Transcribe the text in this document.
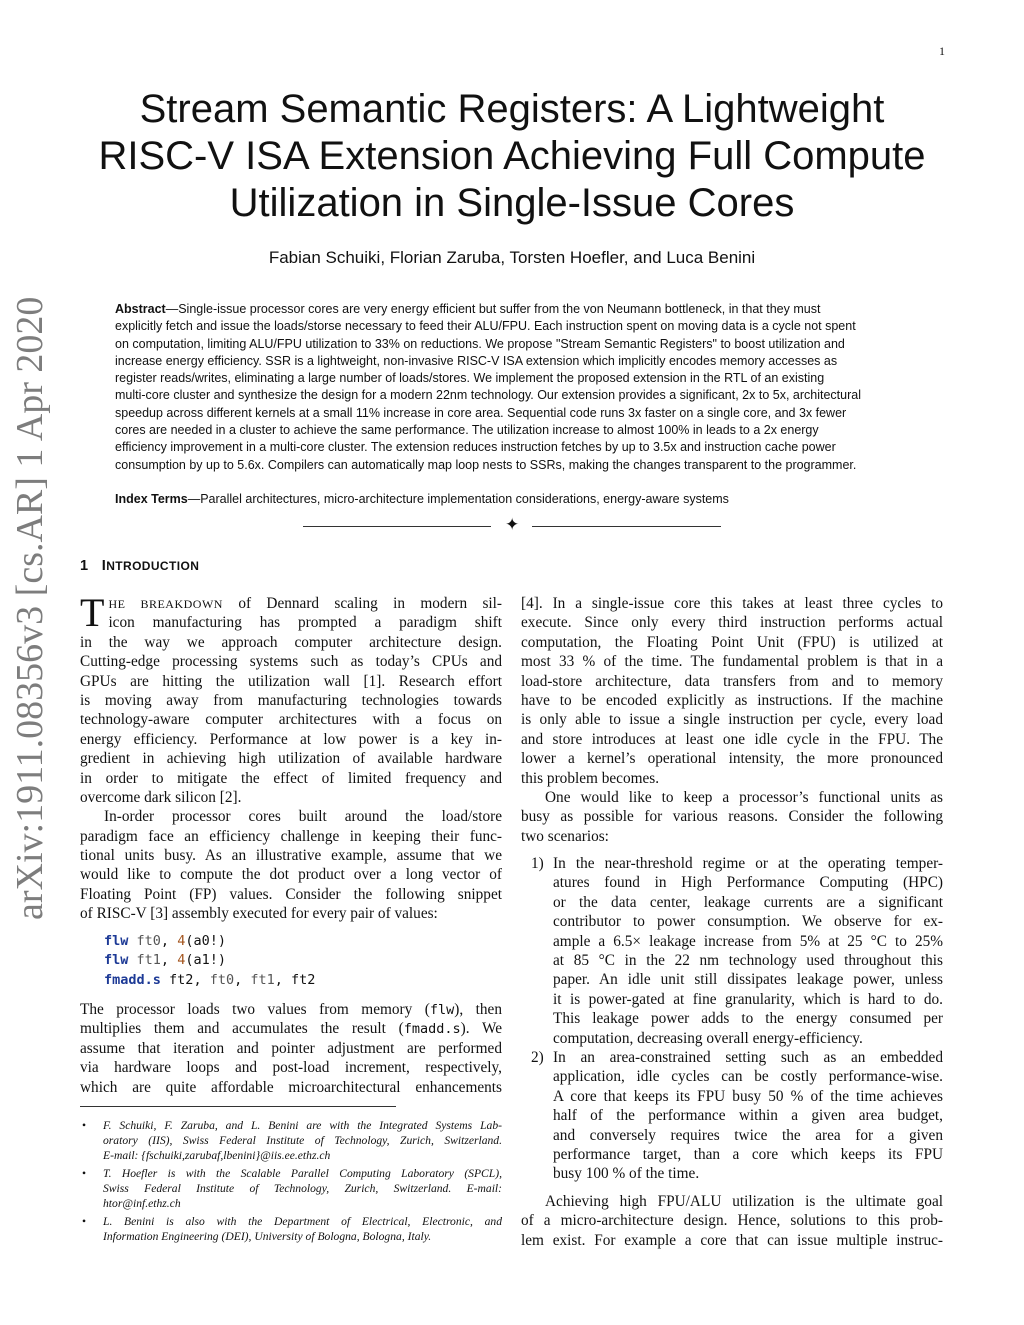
1
arXiv:1911.08356v3 [cs.AR] 1 Apr 2020
Stream Semantic Registers: A Lightweight
RISC-V ISA Extension Achieving Full Compute
Utilization in Single-Issue Cores
Fabian Schuiki, Florian Zaruba, Torsten Hoefler, and Luca Benini
Abstract—Single-issue processor cores are very energy efficient but suffer from the von Neumann bottleneck, in that they must
explicitly fetch and issue the loads/storse necessary to feed their ALU/FPU. Each instruction spent on moving data is a cycle not spent
on computation, limiting ALU/FPU utilization to 33% on reductions. We propose "Stream Semantic Registers" to boost utilization and
increase energy efficiency. SSR is a lightweight, non-invasive RISC-V ISA extension which implicitly encodes memory accesses as
register reads/writes, eliminating a large number of loads/stores. We implement the proposed extension in the RTL of an existing
multi-core cluster and synthesize the design for a modern 22nm technology. Our extension provides a significant, 2x to 5x, architectural
speedup across different kernels at a small 11% increase in core area. Sequential code runs 3x faster on a single core, and 3x fewer
cores are needed in a cluster to achieve the same performance. The utilization increase to almost 100% in leads to a 2x energy
efficiency improvement in a multi-core cluster. The extension reduces instruction fetches by up to 3.5x and instruction cache power
consumption by up to 5.6x. Compilers can automatically map loop nests to SSRs, making the changes transparent to the programmer.
Index Terms—Parallel architectures, micro-architecture implementation considerations, energy-aware systems
✦
1 INTRODUCTION
T HE BREAKDOWN of Dennard scaling in modern sil-
icon manufacturing has prompted a paradigm shift
in the way we approach computer architecture design.
Cutting-edge processing systems such as today’s CPUs and
GPUs are hitting the utilization wall [1]. Research effort
is moving away from manufacturing technologies towards
technology-aware computer architectures with a focus on
energy efficiency. Performance at low power is a key in-
gredient in achieving high utilization of available hardware
in order to mitigate the effect of limited frequency and
overcome dark silicon [2].
In-order processor cores built around the load/store
paradigm face an efficiency challenge in keeping their func-
tional units busy. As an illustrative example, assume that we
would like to compute the dot product over a long vector of
Floating Point (FP) values. Consider the following snippet
of RISC-V [3] assembly executed for every pair of values:
flw ft0, 4(a0!)
flw ft1, 4(a1!)
fmadd.s ft2, ft0, ft1, ft2
The processor loads two values from memory (flw), then
multiplies them and accumulates the result (fmadd.s). We
assume that iteration and pointer adjustment are performed
via hardware loops and post-load increment, respectively,
which are quite affordable microarchitectural enhancements
• F. Schuiki, F. Zaruba, and L. Benini are with the Integrated Systems Lab-
oratory (IIS), Swiss Federal Institute of Technology, Zurich, Switzerland.
E-mail: {fschuiki,zarubaf,lbenini}@iis.ee.ethz.ch
• T. Hoefler is with the Scalable Parallel Computing Laboratory (SPCL),
Swiss Federal Institute of Technology, Zurich, Switzerland. E-mail:
htor@inf.ethz.ch
• L. Benini is also with the Department of Electrical, Electronic, and
Information Engineering (DEI), University of Bologna, Bologna, Italy.
[4]. In a single-issue core this takes at least three cycles to
execute. Since only every third instruction performs actual
computation, the Floating Point Unit (FPU) is utilized at
most 33 % of the time. The fundamental problem is that in a
load-store architecture, data transfers from and to memory
have to be encoded explicitly as instructions. If the machine
is only able to issue a single instruction per cycle, every load
and store introduces at least one idle cycle in the FPU. The
lower a kernel’s operational intensity, the more pronounced
this problem becomes.
One would like to keep a processor’s functional units as
busy as possible for various reasons. Consider the following
two scenarios:
1) In the near-threshold regime or at the operating temper-
atures found in High Performance Computing (HPC)
or the data center, leakage currents are a significant
contributor to power consumption. We observe for ex-
ample a 6.5× leakage increase from 5% at 25 °C to 25%
at 85 °C in the 22 nm technology used throughout this
paper. An idle unit still dissipates leakage power, unless
it is power-gated at fine granularity, which is hard to do.
This leakage power adds to the energy consumed per
computation, decreasing overall energy-efficiency.
2) In an area-constrained setting such as an embedded
application, idle cycles can be costly performance-wise.
A core that keeps its FPU busy 50 % of the time achieves
half of the performance within a given area budget,
and conversely requires twice the area for a given
performance target, than a core which keeps its FPU
busy 100 % of the time.
Achieving high FPU/ALU utilization is the ultimate goal
of a micro-architecture design. Hence, solutions to this prob-
lem exist. For example a core that can issue multiple instruc-
